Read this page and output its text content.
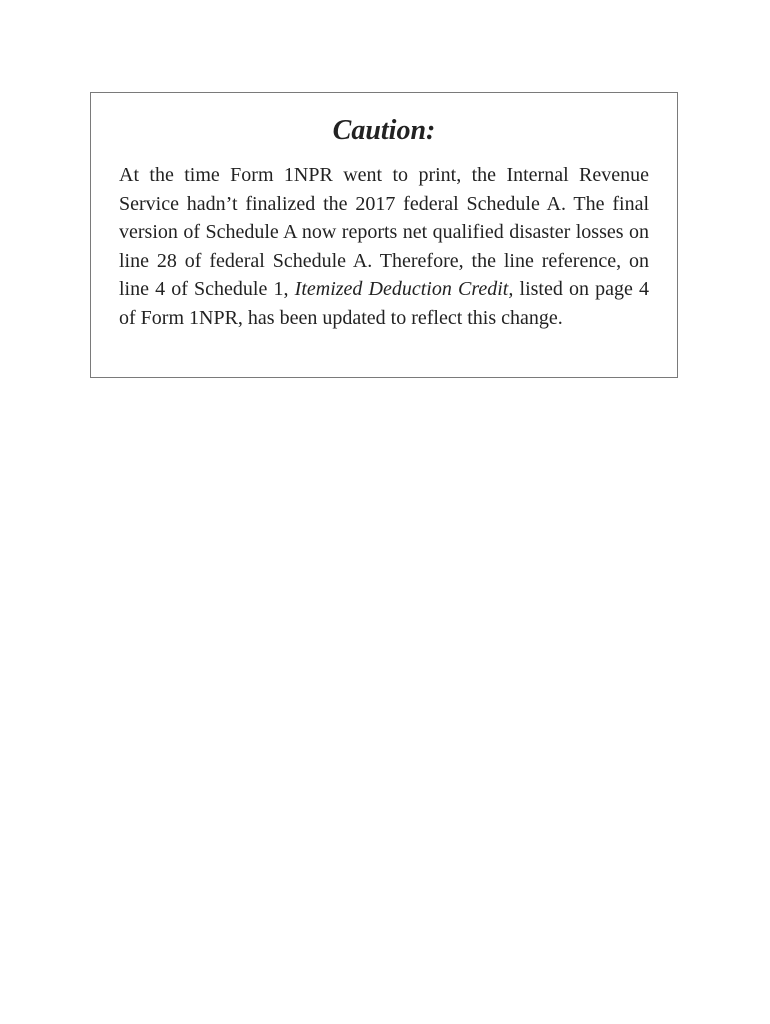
Caution:

At the time Form 1NPR went to print, the Internal Revenue Service hadn’t finalized the 2017 federal Schedule A. The final version of Schedule A now reports net qualified disaster losses on line 28 of federal Schedule A. Therefore, the line reference, on line 4 of Schedule 1, Itemized Deduction Credit, listed on page 4 of Form 1NPR, has been updated to reflect this change.
